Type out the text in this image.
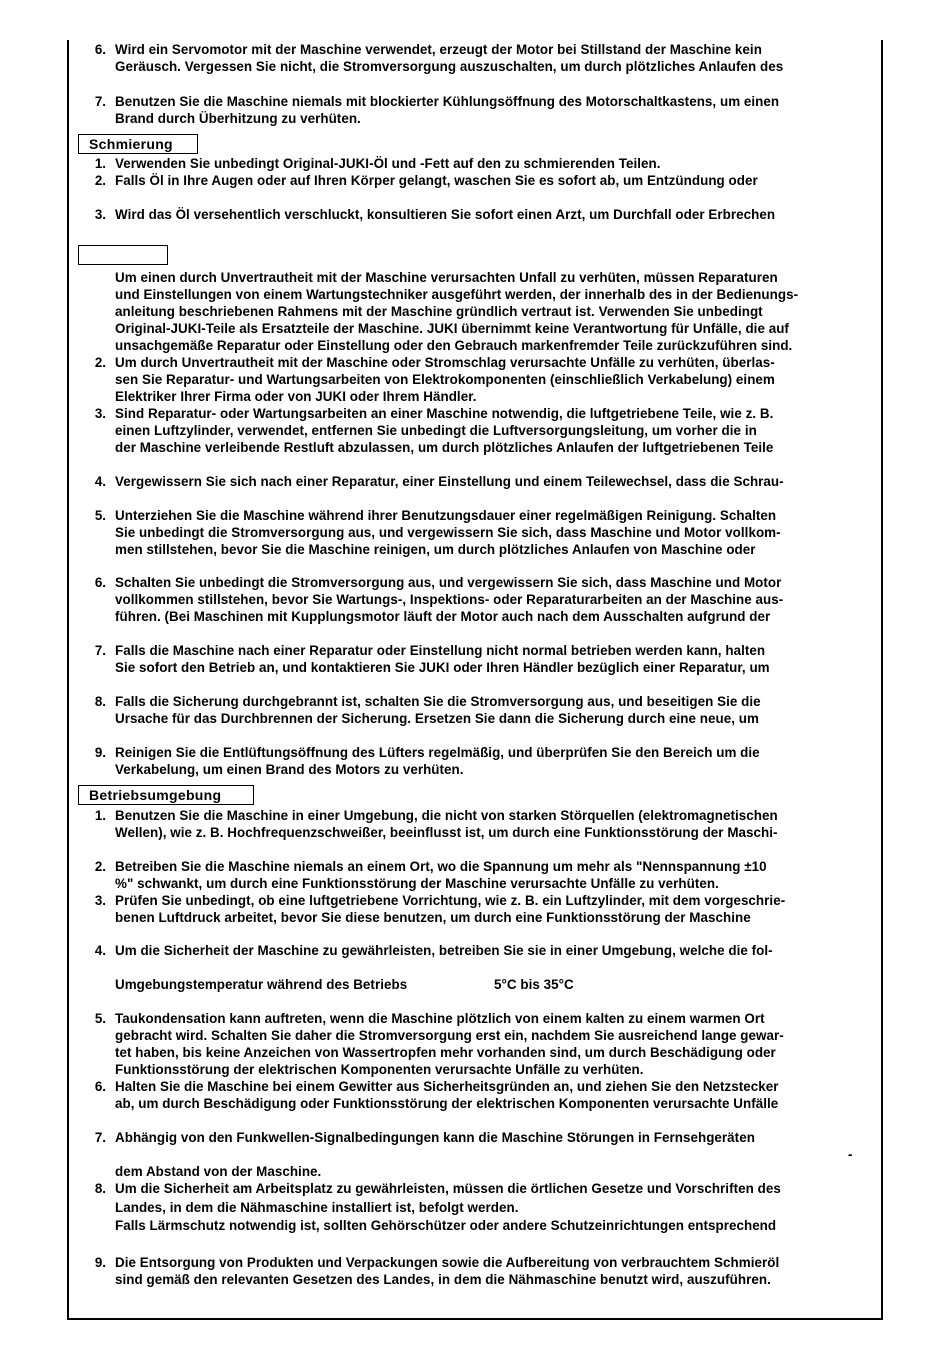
6. Wird ein Servomotor mit der Maschine verwendet, erzeugt der Motor bei Stillstand der Maschine kein
Geräusch. Vergessen Sie nicht, die Stromversorgung auszuschalten, um durch plötzliches Anlaufen des
7. Benutzen Sie die Maschine niemals mit blockierter Kühlungsöffnung des Motorschaltkastens, um einen
Brand durch Überhitzung zu verhüten.
Schmierung
1. Verwenden Sie unbedingt Original-JUKI-Öl und -Fett auf den zu schmierenden Teilen.
2. Falls Öl in Ihre Augen oder auf Ihren Körper gelangt, waschen Sie es sofort ab, um Entzündung oder
3. Wird das Öl versehentlich verschluckt, konsultieren Sie sofort einen Arzt, um Durchfall oder Erbrechen
Um einen durch Unvertrautheit mit der Maschine verursachten Unfall zu verhüten, müssen Reparaturen
und Einstellungen von einem Wartungstechniker ausgeführt werden, der innerhalb des in der Bedienungs-
anleitung beschriebenen Rahmens mit der Maschine gründlich vertraut ist. Verwenden Sie unbedingt
Original-JUKI-Teile als Ersatzteile der Maschine. JUKI übernimmt keine Verantwortung für Unfälle, die auf
unsachgemäße Reparatur oder Einstellung oder den Gebrauch markenfremder Teile zurückzuführen sind.
2. Um durch Unvertrautheit mit der Maschine oder Stromschlag verursachte Unfälle zu verhüten, überlas-
sen Sie Reparatur- und Wartungsarbeiten von Elektrokomponenten (einschließlich Verkabelung) einem
Elektriker Ihrer Firma oder von JUKI oder Ihrem Händler.
3. Sind Reparatur- oder Wartungsarbeiten an einer Maschine notwendig, die luftgetriebene Teile, wie z. B.
einen Luftzylinder, verwendet, entfernen Sie unbedingt die Luftversorgungsleitung, um vorher die in
der Maschine verleibende Restluft abzulassen, um durch plötzliches Anlaufen der luftgetriebenen Teile
4. Vergewissern Sie sich nach einer Reparatur, einer Einstellung und einem Teilewechsel, dass die Schrau-
5. Unterziehen Sie die Maschine während ihrer Benutzungsdauer einer regelmäßigen Reinigung. Schalten
Sie unbedingt die Stromversorgung aus, und vergewissern Sie sich, dass Maschine und Motor vollkom-
men stillstehen, bevor Sie die Maschine reinigen, um durch plötzliches Anlaufen von Maschine oder
6. Schalten Sie unbedingt die Stromversorgung aus, und vergewissern Sie sich, dass Maschine und Motor
vollkommen stillstehen, bevor Sie Wartungs-, Inspektions- oder Reparaturarbeiten an der Maschine aus-
führen. (Bei Maschinen mit Kupplungsmotor läuft der Motor auch nach dem Ausschalten aufgrund der
7. Falls die Maschine nach einer Reparatur oder Einstellung nicht normal betrieben werden kann, halten
Sie sofort den Betrieb an, und kontaktieren Sie JUKI oder Ihren Händler bezüglich einer Reparatur, um
8. Falls die Sicherung durchgebrannt ist, schalten Sie die Stromversorgung aus, und beseitigen Sie die
Ursache für das Durchbrennen der Sicherung. Ersetzen Sie dann die Sicherung durch eine neue, um
9. Reinigen Sie die Entlüftungsöffnung des Lüfters regelmäßig, und überprüfen Sie den Bereich um die
Verkabelung, um einen Brand des Motors zu verhüten.
Betriebsumgebung
1. Benutzen Sie die Maschine in einer Umgebung, die nicht von starken Störquellen (elektromagnetischen
Wellen), wie z. B. Hochfrequenzschweißer, beeinflusst ist, um durch eine Funktionsstörung der Maschi-
2. Betreiben Sie die Maschine niemals an einem Ort, wo die Spannung um mehr als "Nennspannung ±10
%" schwankt, um durch eine Funktionsstörung der Maschine verursachte Unfälle zu verhüten.
3. Prüfen Sie unbedingt, ob eine luftgetriebene Vorrichtung, wie z. B. ein Luftzylinder, mit dem vorgeschrie-
benen Luftdruck arbeitet, bevor Sie diese benutzen, um durch eine Funktionsstörung der Maschine
4. Um die Sicherheit der Maschine zu gewährleisten, betreiben Sie sie in einer Umgebung, welche die fol-
Umgebungstemperatur während des Betriebs	5°C bis 35°C
5. Taukondensation kann auftreten, wenn die Maschine plötzlich von einem kalten zu einem warmen Ort
gebracht wird. Schalten Sie daher die Stromversorgung erst ein, nachdem Sie ausreichend lange gewar-
tet haben, bis keine Anzeichen von Wassertropfen mehr vorhanden sind, um durch Beschädigung oder
Funktionsstörung der elektrischen Komponenten verursachte Unfälle zu verhüten.
6. Halten Sie die Maschine bei einem Gewitter aus Sicherheitsgründen an, und ziehen Sie den Netzstecker
ab, um durch Beschädigung oder Funktionsstörung der elektrischen Komponenten verursachte Unfälle
7. Abhängig von den Funkwellen-Signalbedingungen kann die Maschine Störungen in Fernsehgeräten
-
dem Abstand von der Maschine.
8. Um die Sicherheit am Arbeitsplatz zu gewährleisten, müssen die örtlichen Gesetze und Vorschriften des
Landes, in dem die Nähmaschine installiert ist, befolgt werden.
Falls Lärmschutz notwendig ist, sollten Gehörschützer oder andere Schutzeinrichtungen entsprechend
9. Die Entsorgung von Produkten und Verpackungen sowie die Aufbereitung von verbrauchtem Schmieröl
sind gemäß den relevanten Gesetzen des Landes, in dem die Nähmaschine benutzt wird, auszuführen.
